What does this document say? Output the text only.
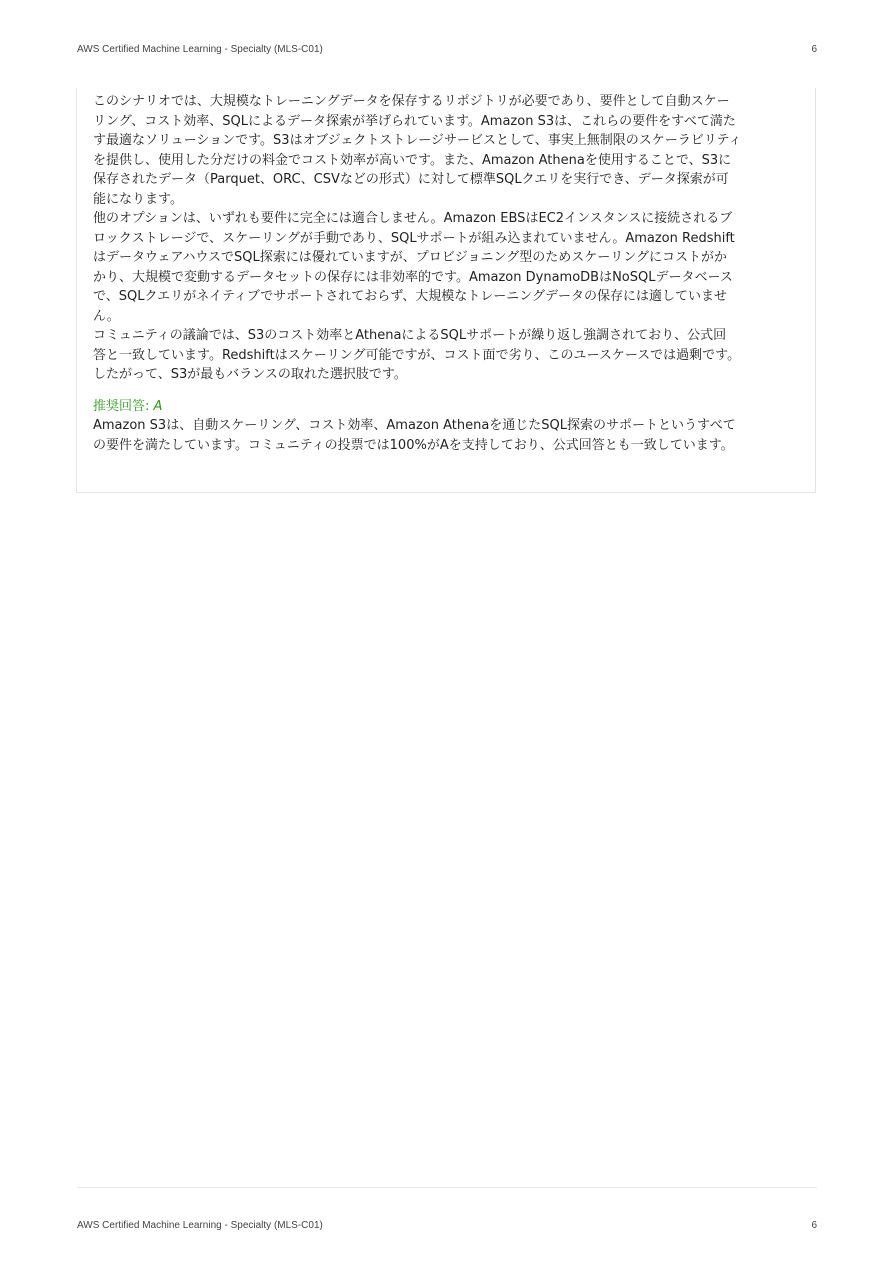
AWS Certified Machine Learning - Specialty (MLS-C01)	6
このシナリオでは、大規模なトレーニングデータを保存するリポジトリが必要であり、要件として自動スケー
リング、コスト効率、SQLによるデータ探索が挙げられています。Amazon S3は、これらの要件をすべて満た
す最適なソリューションです。S3はオブジェクトストレージサービスとして、事実上無制限のスケーラビリティ
を提供し、使用した分だけの料金でコスト効率が高いです。また、Amazon Athenaを使用することで、S3に
保存されたデータ（Parquet、ORC、CSVなどの形式）に対して標準SQLクエリを実行でき、データ探索が可
能になります。
他のオプションは、いずれも要件に完全には適合しません。Amazon EBSはEC2インスタンスに接続されるブ
ロックストレージで、スケーリングが手動であり、SQLサポートが組み込まれていません。Amazon Redshift
はデータウェアハウスでSQL探索には優れていますが、プロビジョニング型のためスケーリングにコストがか
かり、大規模で変動するデータセットの保存には非効率的です。Amazon DynamoDBはNoSQLデータベース
で、SQLクエリがネイティブでサポートされておらず、大規模なトレーニングデータの保存には適していませ
ん。
コミュニティの議論では、S3のコスト効率とAthenaによるSQLサポートが繰り返し強調されており、公式回
答と一致しています。Redshiftはスケーリング可能ですが、コスト面で劣り、このユースケースでは過剰です。
したがって、S3が最もバランスの取れた選択肢です。
推奨回答: A
Amazon S3は、自動スケーリング、コスト効率、Amazon Athenaを通じたSQL探索のサポートというすべて
の要件を満たしています。コミュニティの投票では100%がAを支持しており、公式回答とも一致しています。
AWS Certified Machine Learning - Specialty (MLS-C01)	6
